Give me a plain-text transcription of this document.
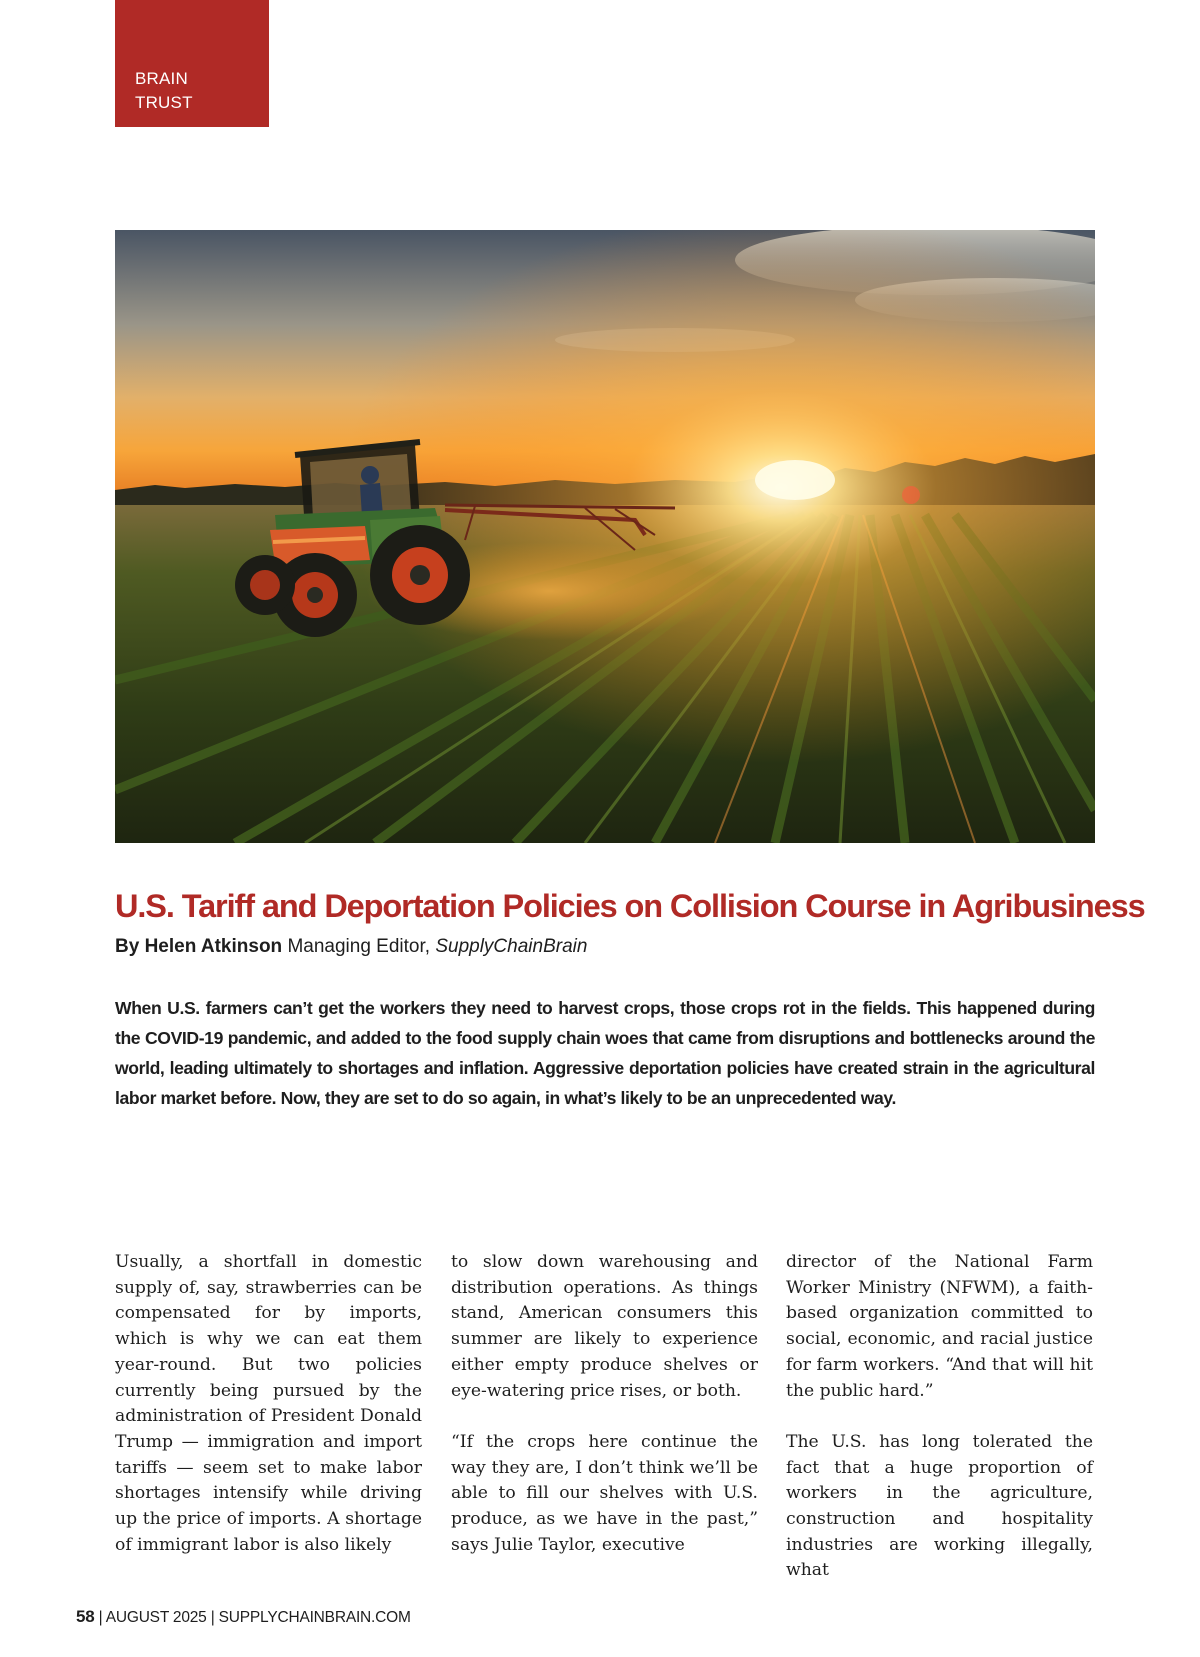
BRAIN
TRUST
U.S. Tariff and Deportation Policies on Collision Course in Agribusiness
By Helen Atkinson Managing Editor, SupplyChainBrain

When U.S. farmers can’t get the workers they need to harvest crops, those crops rot in the fields. This happened during the COVID-19 pandemic, and added to the food supply chain woes that came from disruptions and bottlenecks around the world, leading ultimately to shortages and inflation. Aggressive deportation policies have created strain in the agricultural labor market before. Now, they are set to do so again, in what’s likely to be an unprecedented way.

Usually, a shortfall in domestic supply of, say, strawberries can be compensated for by imports, which is why we can eat them year-round. But two policies currently being pursued by the administration of President Donald Trump — immigration and import tariffs — seem set to make labor shortages intensify while driving up the price of imports. A shortage of immigrant labor is also likely

to slow down warehousing and distribution operations. As things stand, American consumers this summer are likely to experience either empty produce shelves or eye-watering price rises, or both.

“If the crops here continue the way they are, I don’t think we’ll be able to fill our shelves with U.S. produce, as we have in the past,” says Julie Taylor, executive

director of the National Farm Worker Ministry (NFWM), a faith-based organization committed to social, economic, and racial justice for farm workers. “And that will hit the public hard.”

The U.S. has long tolerated the fact that a huge proportion of workers in the agriculture, construction and hospitality industries are working illegally, what

58 | AUGUST 2025 | SUPPLYCHAINBRAIN.COM
